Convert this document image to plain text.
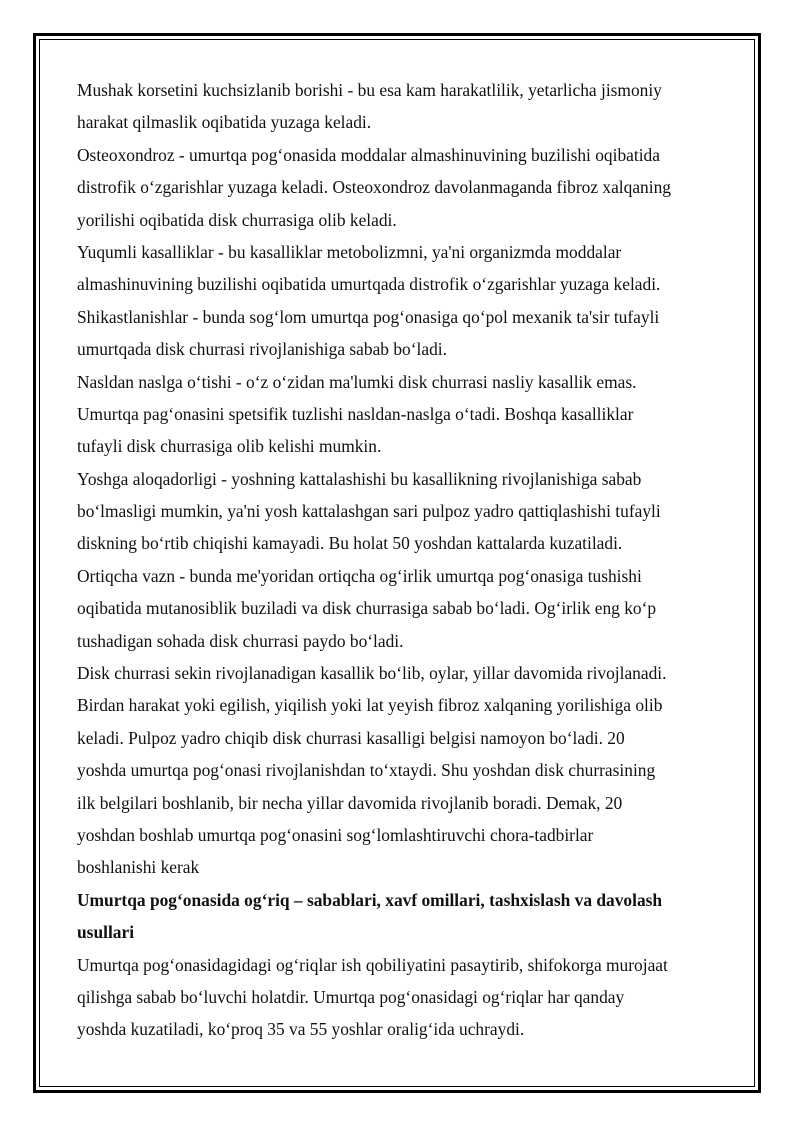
Mushak korsetini kuchsizlanib borishi - bu esa kam harakatlilik, yetarlicha jismoniy
harakat qilmaslik oqibatida yuzaga keladi.
Osteoxondroz - umurtqa pog‘onasida moddalar almashinuvining buzilishi oqibatida
distrofik o‘zgarishlar yuzaga keladi. Osteoxondroz davolanmaganda fibroz xalqaning
yorilishi oqibatida disk churrasiga olib keladi.
Yuqumli kasalliklar - bu kasalliklar metobolizmni, ya'ni organizmda moddalar
almashinuvining buzilishi oqibatida umurtqada distrofik o‘zgarishlar yuzaga keladi.
Shikastlanishlar - bunda sog‘lom umurtqa pog‘onasiga qo‘pol mexanik ta'sir tufayli
umurtqada disk churrasi rivojlanishiga sabab bo‘ladi.
Nasldan naslga o‘tishi - o‘z o‘zidan ma'lumki disk churrasi nasliy kasallik emas.
Umurtqa pag‘onasini spetsifik tuzlishi nasldan-naslga o‘tadi. Boshqa kasalliklar
tufayli disk churrasiga olib kelishi mumkin.
Yoshga aloqadorligi - yoshning kattalashishi bu kasallikning rivojlanishiga sabab
bo‘lmasligi mumkin, ya'ni yosh kattalashgan sari pulpoz yadro qattiqlashishi tufayli
diskning bo‘rtib chiqishi kamayadi. Bu holat 50 yoshdan kattalarda kuzatiladi.
Ortiqcha vazn - bunda me'yoridan ortiqcha og‘irlik umurtqa pog‘onasiga tushishi
oqibatida mutanosiblik buziladi va disk churrasiga sabab bo‘ladi. Og‘irlik eng ko‘p
tushadigan sohada disk churrasi paydo bo‘ladi.
Disk churrasi sekin rivojlanadigan kasallik bo‘lib, oylar, yillar davomida rivojlanadi.
Birdan harakat yoki egilish, yiqilish yoki lat yeyish fibroz xalqaning yorilishiga olib
keladi. Pulpoz yadro chiqib disk churrasi kasalligi belgisi namoyon bo‘ladi. 20
yoshda umurtqa pog‘onasi rivojlanishdan to‘xtaydi. Shu yoshdan disk churrasining
ilk belgilari boshlanib, bir necha yillar davomida rivojlanib boradi. Demak, 20
yoshdan boshlab umurtqa pog‘onasini sog‘lomlashtiruvchi chora-tadbirlar
boshlanishi kerak
Umurtqa pog‘onasida og‘riq – sabablari, xavf omillari, tashxislash va davolash
usullari
Umurtqa pog‘onasidagidagi og‘riqlar ish qobiliyatini pasaytirib, shifokorga murojaat
qilishga sabab bo‘luvchi holatdir. Umurtqa pog‘onasidagi og‘riqlar har qanday
yoshda kuzatiladi, ko‘proq 35 va 55 yoshlar oralig‘ida uchraydi.
